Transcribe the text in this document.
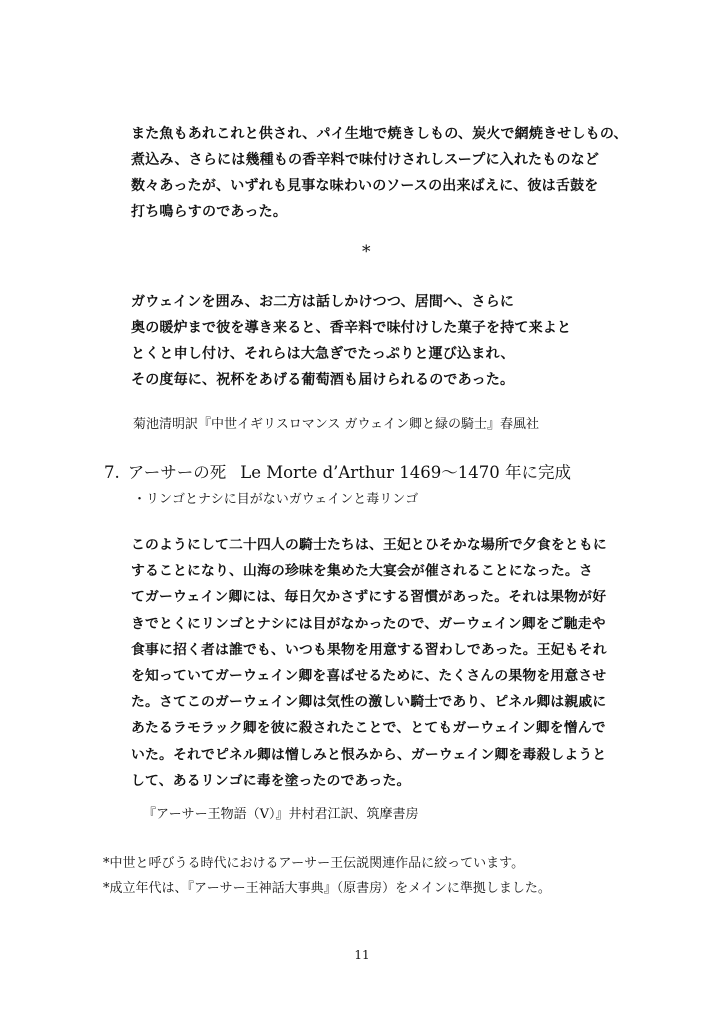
また魚もあれこれと供され、パイ生地で焼きしもの、炭火で網焼きせしもの、
煮込み、さらには幾種もの香辛料で味付けされしスープに入れたものなど
数々あったが、いずれも見事な味わいのソースの出来ばえに、彼は舌鼓を
打ち鳴らすのであった。
*
ガウェインを囲み、お二方は話しかけつつ、居間へ、さらに
奥の暖炉まで彼を導き来ると、香辛料で味付けした菓子を持て来よと
とくと申し付け、それらは大急ぎでたっぷりと運び込まれ、
その度毎に、祝杯をあげる葡萄酒も届けられるのであった。
菊池清明訳『中世イギリスロマンス ガウェイン卿と緑の騎士』春風社
7. アーサーの死 Le Morte d’Arthur 1469～1470 年に完成
・リンゴとナシに目がないガウェインと毒リンゴ
このようにして二十四人の騎士たちは、王妃とひそかな場所で夕食をともに
することになり、山海の珍味を集めた大宴会が催されることになった。さ
てガーウェイン卿には、毎日欠かさずにする習慣があった。それは果物が好
きでとくにリンゴとナシには目がなかったので、ガーウェイン卿をご馳走や
食事に招く者は誰でも、いつも果物を用意する習わしであった。王妃もそれ
を知っていてガーウェイン卿を喜ばせるために、たくさんの果物を用意させ
た。さてこのガーウェイン卿は気性の激しい騎士であり、ピネル卿は親戚に
あたるラモラック卿を彼に殺されたことで、とてもガーウェイン卿を憎んで
いた。それでピネル卿は憎しみと恨みから、ガーウェイン卿を毒殺しようと
して、あるリンゴに毒を塗ったのであった。
『アーサー王物語（V）』井村君江訳、筑摩書房
*中世と呼びうる時代におけるアーサー王伝説関連作品に絞っています。
*成立年代は、『アーサー王神話大事典』（原書房）をメインに準拠しました。
11
